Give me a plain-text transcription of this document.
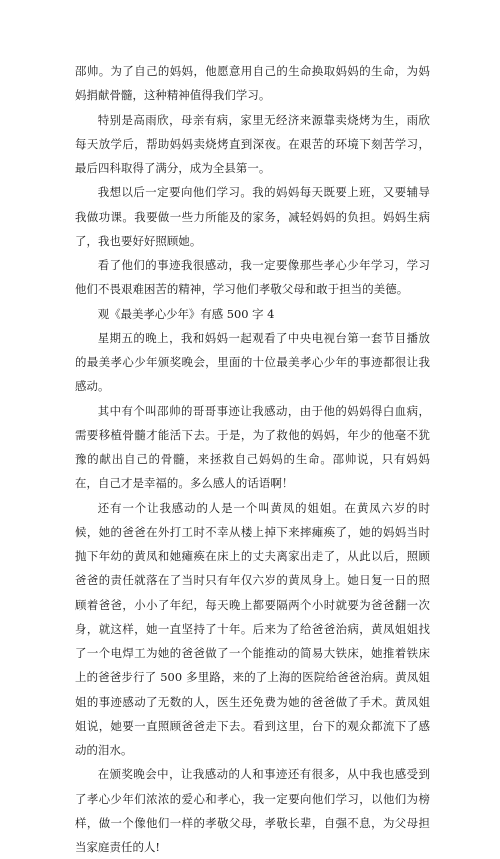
邵帅。为了自己的妈妈，他愿意用自己的生命换取妈妈的生命，为妈妈捐献骨髓，这种精神值得我们学习。

特别是高雨欣，母亲有病，家里无经济来源靠卖烧烤为生，雨欣每天放学后，帮助妈妈卖烧烤直到深夜。在艰苦的环境下刻苦学习，最后四科取得了满分，成为全县第一。

我想以后一定要向他们学习。我的妈妈每天既要上班，又要辅导我做功课。我要做一些力所能及的家务，减轻妈妈的负担。妈妈生病了，我也要好好照顾她。

看了他们的事迹我很感动，我一定要像那些孝心少年学习，学习他们不畏艰难困苦的精神，学习他们孝敬父母和敢于担当的美德。

观《最美孝心少年》有感 500 字 4

星期五的晚上，我和妈妈一起观看了中央电视台第一套节目播放的最美孝心少年颁奖晚会，里面的十位最美孝心少年的事迹都很让我感动。

其中有个叫邵帅的哥哥事迹让我感动，由于他的妈妈得白血病，需要移植骨髓才能活下去。于是，为了救他的妈妈，年少的他毫不犹豫的献出自己的骨髓，来拯救自己妈妈的生命。邵帅说，只有妈妈在，自己才是幸福的。多么感人的话语啊！

还有一个让我感动的人是一个叫黄凤的姐姐。在黄凤六岁的时候，她的爸爸在外打工时不幸从楼上掉下来摔瘫痪了，她的妈妈当时抛下年幼的黄凤和她瘫痪在床上的丈夫离家出走了，从此以后，照顾爸爸的责任就落在了当时只有年仅六岁的黄凤身上。她日复一日的照顾着爸爸，小小了年纪，每天晚上都要隔两个小时就要为爸爸翻一次身，就这样，她一直坚持了十年。后来为了给爸爸治病，黄凤姐姐找了一个电焊工为她的爸爸做了一个能推动的简易大铁床，她推着铁床上的爸爸步行了 500 多里路，来的了上海的医院给爸爸治病。黄凤姐姐的事迹感动了无数的人，医生还免费为她的爸爸做了手术。黄凤姐姐说，她要一直照顾爸爸走下去。看到这里，台下的观众都流下了感动的泪水。

在颁奖晚会中，让我感动的人和事迹还有很多，从中我也感受到了孝心少年们浓浓的爱心和孝心，我一定要向他们学习，以他们为榜样，做一个像他们一样的孝敬父母，孝敬长辈，自强不息，为父母担当家庭责任的人!
